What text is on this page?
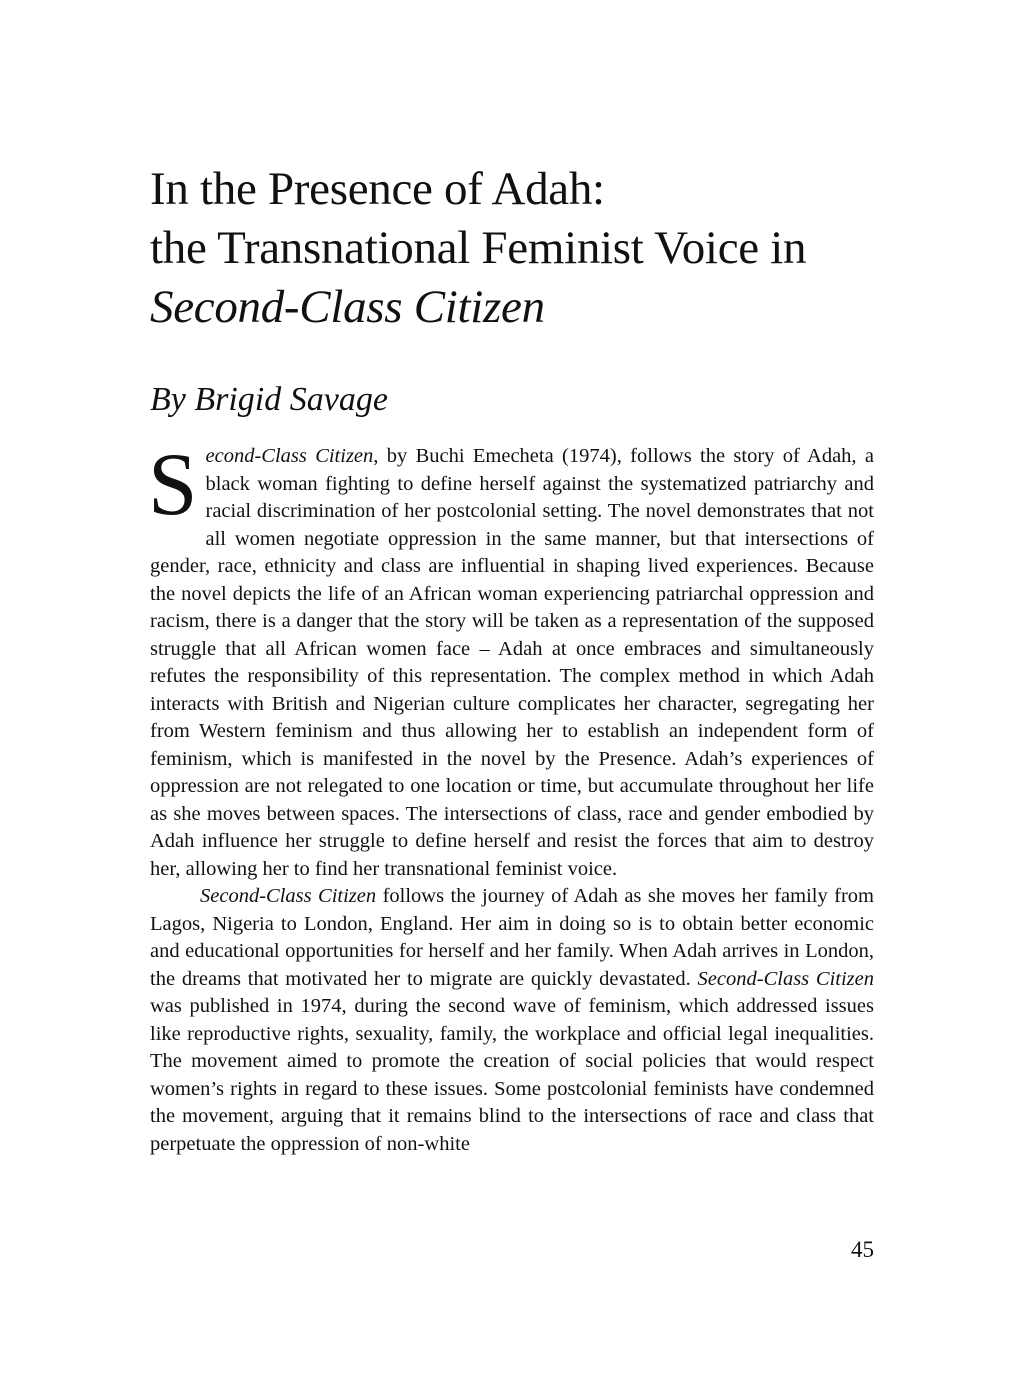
In the Presence of Adah:
the Transnational Feminist Voice in
Second-Class Citizen
By Brigid Savage

Second-Class Citizen, by Buchi Emecheta (1974), follows the story of Adah, a black woman fighting to define herself against the systematized patriarchy and racial discrimination of her postcolonial setting. The novel demonstrates that not all women negotiate oppression in the same manner, but that intersections of gender, race, ethnicity and class are influential in shaping lived experiences. Because the novel depicts the life of an African woman experiencing patriarchal oppression and racism, there is a danger that the story will be taken as a representation of the supposed struggle that all African women face – Adah at once embraces and simultaneously refutes the responsibility of this representation. The complex method in which Adah interacts with British and Nigerian culture complicates her character, segregating her from Western feminism and thus allowing her to establish an independent form of feminism, which is manifested in the novel by the Presence. Adah’s experiences of oppression are not relegated to one location or time, but accumulate throughout her life as she moves between spaces. The intersections of class, race and gender embodied by Adah influence her struggle to define herself and resist the forces that aim to destroy her, allowing her to find her transnational feminist voice.

Second-Class Citizen follows the journey of Adah as she moves her family from Lagos, Nigeria to London, England. Her aim in doing so is to obtain better economic and educational opportunities for herself and her family. When Adah arrives in London, the dreams that motivated her to migrate are quickly devastated. Second-Class Citizen was published in 1974, during the second wave of feminism, which addressed issues like reproductive rights, sexuality, family, the workplace and official legal inequalities. The movement aimed to promote the creation of social policies that would respect women’s rights in regard to these issues. Some postcolonial feminists have condemned the movement, arguing that it remains blind to the intersections of race and class that perpetuate the oppression of non-white

45
